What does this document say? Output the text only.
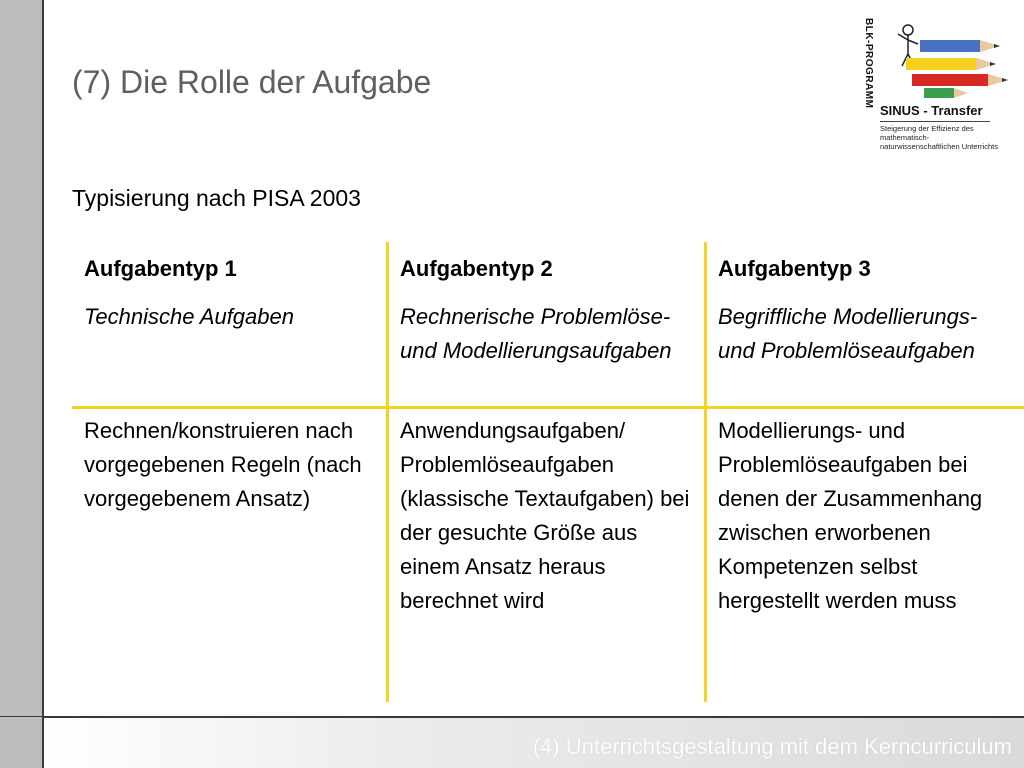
(7) Die Rolle der Aufgabe
Typisierung nach PISA 2003
BLK-PROGRAMM
SINUS - Transfer
Steigerung der Effizienz des mathematisch-naturwissenschaftlichen Unterrichts
Aufgabentyp 1
Technische Aufgaben
Rechnen/konstruieren nach vorgegebenen Regeln (nach vorgegebenem Ansatz)
Aufgabentyp 2
Rechnerische Problemlöse- und Modellierungsaufgaben
Anwendungsaufgaben/ Problemlöseaufgaben (klassische Textaufgaben) bei der gesuchte Größe aus einem Ansatz heraus berechnet wird
Aufgabentyp 3
Begriffliche Modellierungs- und Problemlöseaufgaben
Modellierungs- und Problemlöseaufgaben bei denen der Zusammenhang zwischen erworbenen Kompetenzen selbst hergestellt werden muss
(4) Unterrichtsgestaltung mit dem Kerncurriculum
